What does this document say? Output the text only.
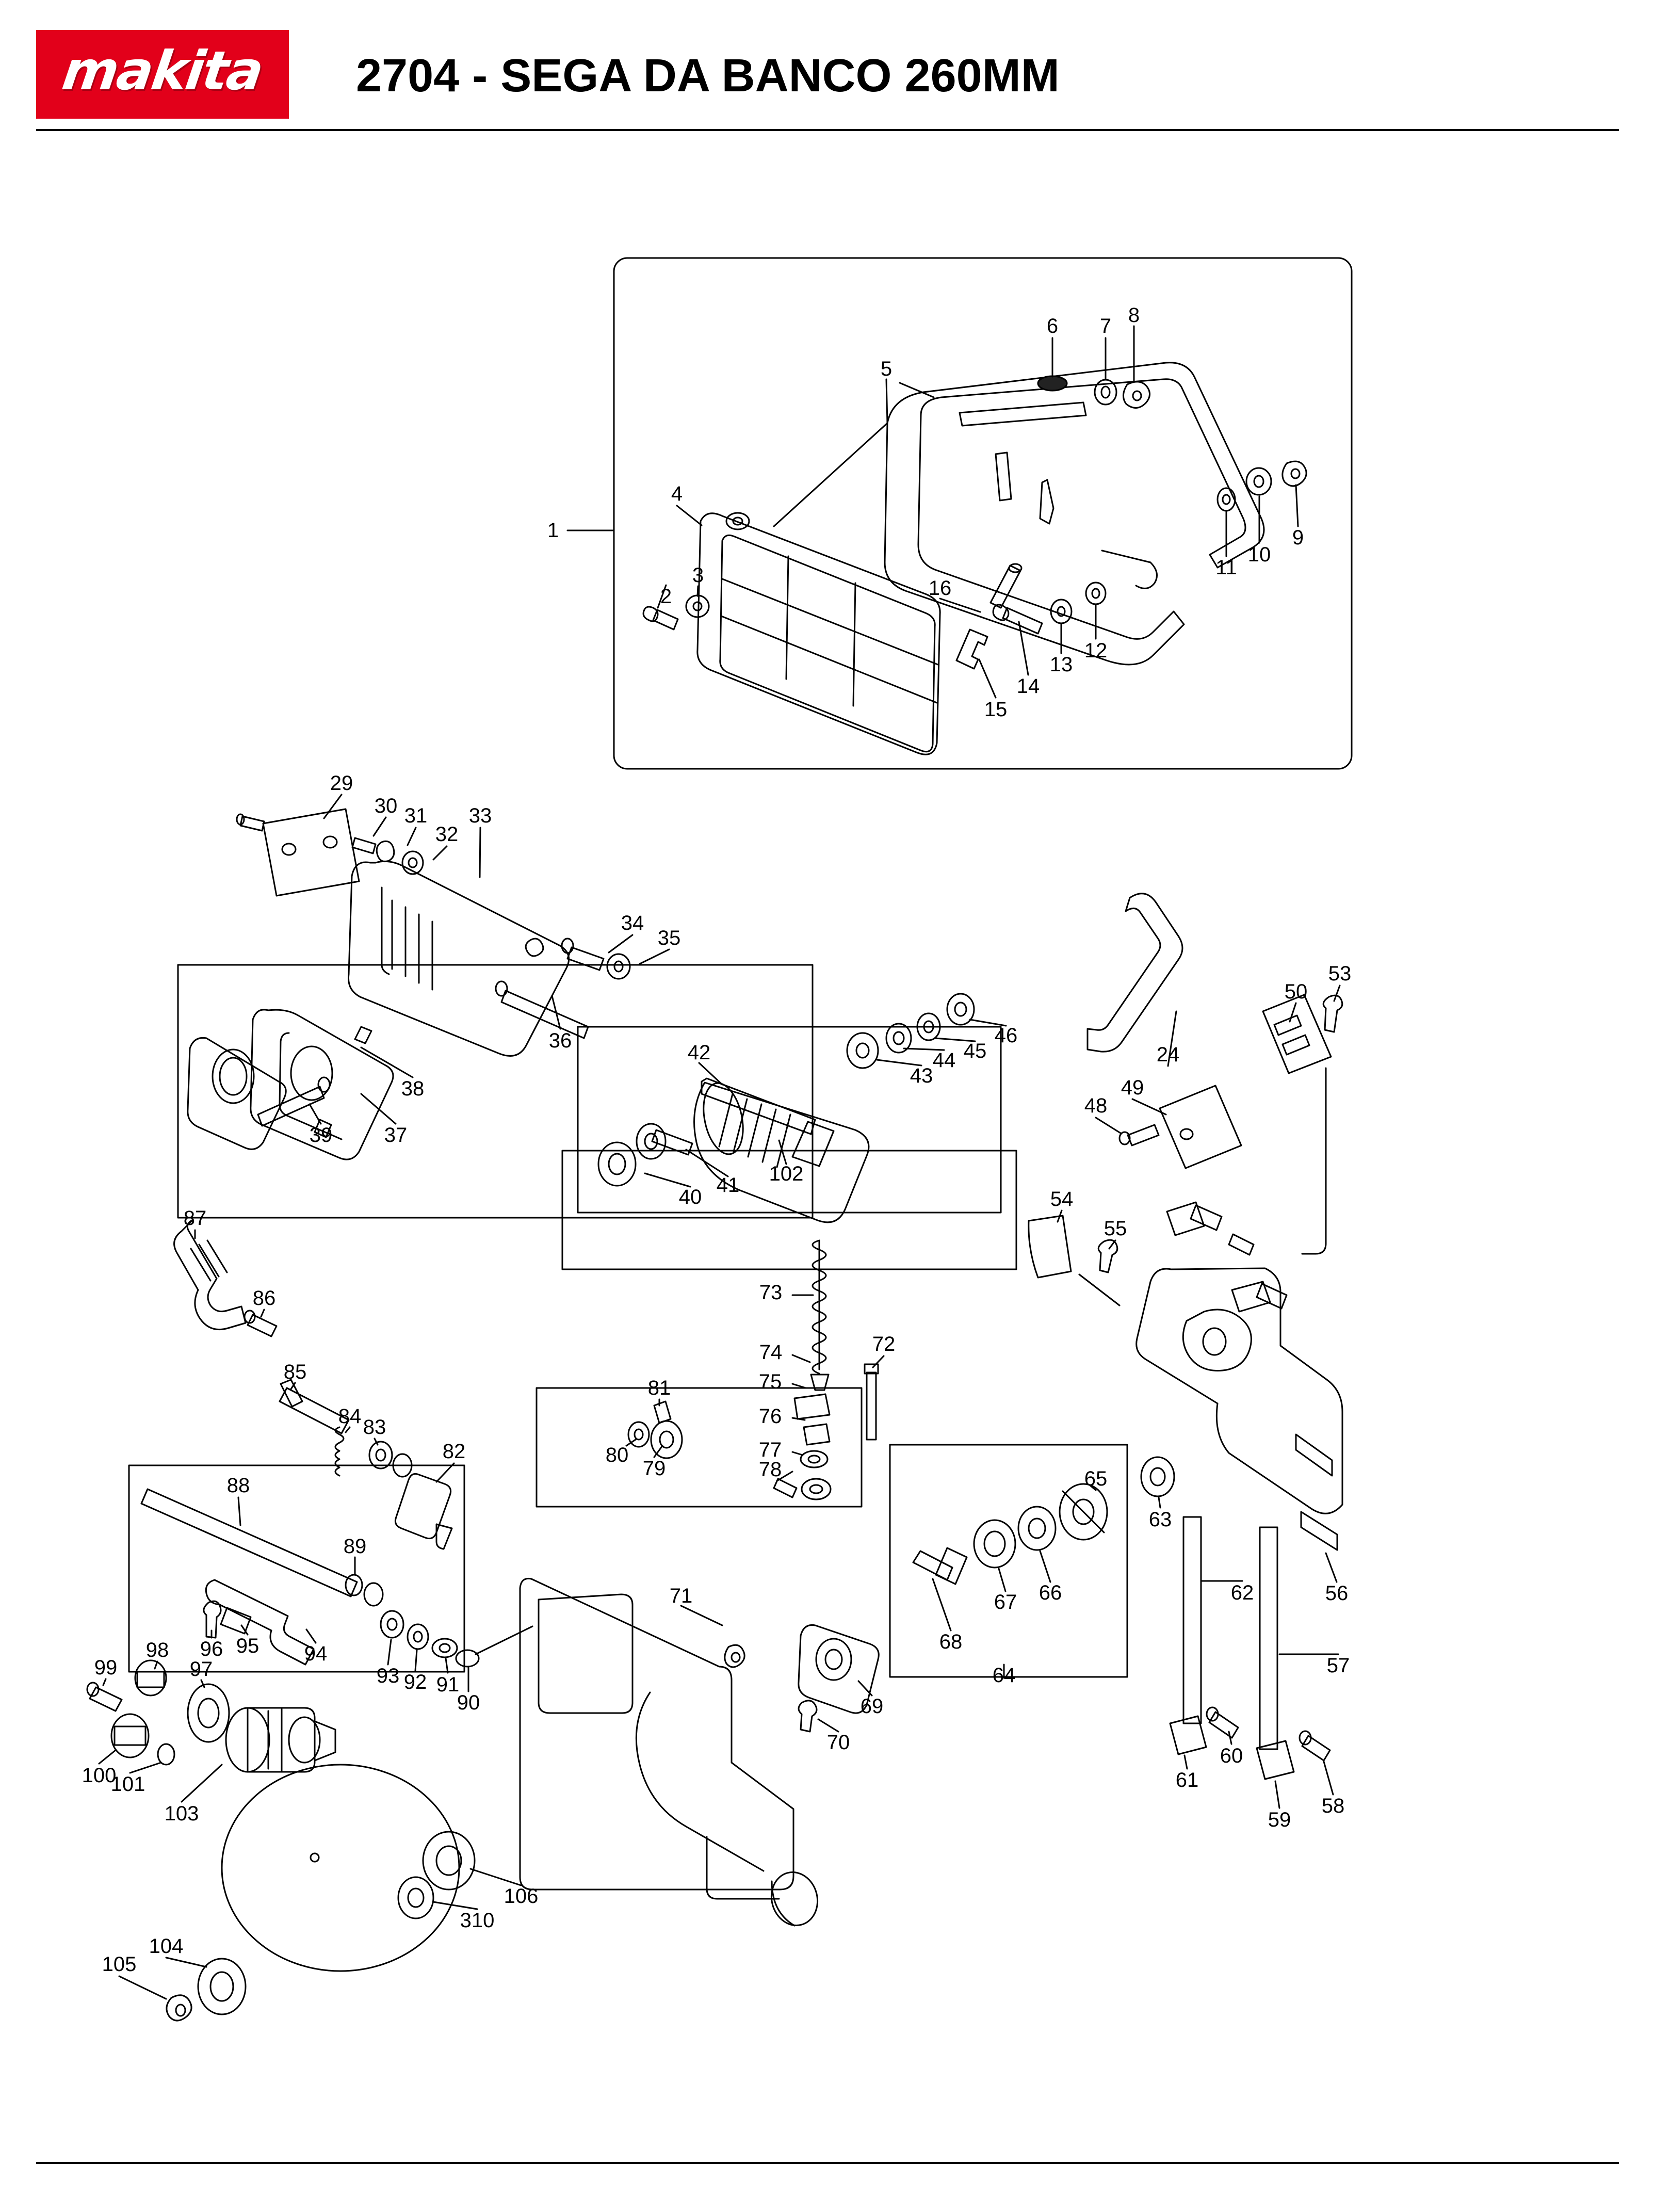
makita 2704 - SEGA DA BANCO 260MM
1
2
3
4
5
6 7 8
9
10
11
12
13
14
15
16
29
30 31
32
33
34
35
36
37
38
39
40
41
42
43
44 45
46
48
49
50
53
24
54
55
56
57
58
59
60
61
62
63
64
65
66
67
68
69
70
71
72
73
74
75
76
77
78
79
80
81
82
83
84
85
86
87
88
89
90
91
92
93
94
95
96
97
98
99
100
101
102
103
104
105
106
310
